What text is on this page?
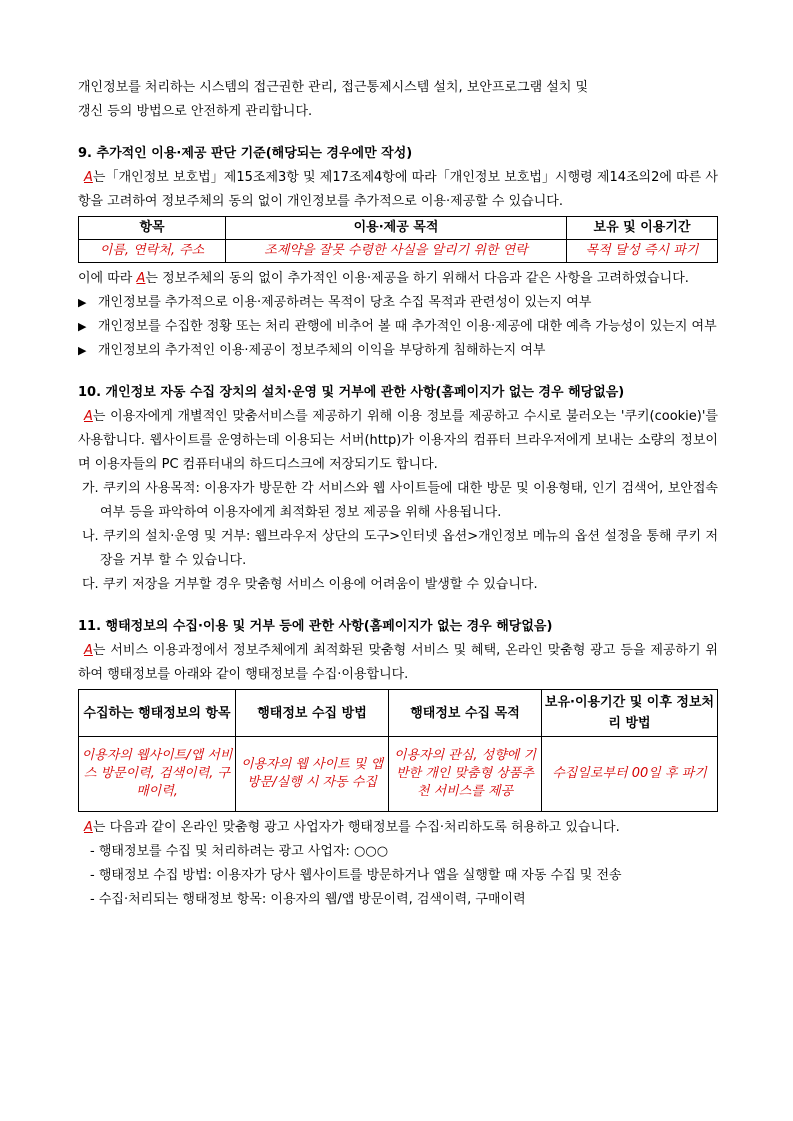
개인정보를 처리하는 시스템의 접근권한 관리, 접근통제시스템 설치, 보안프로그램 설치 및

갱신 등의 방법으로 안전하게 관리합니다.

9. 추가적인 이용·제공 판단 기준(해당되는 경우에만 작성)

A는「개인정보 보호법」제15조제3항 및 제17조제4항에 따라「개인정보 보호법」시행령 제14조의2에 따른 사항을 고려하여 정보주체의 동의 없이 개인정보를 추가적으로 이용·제공할 수 있습니다.

항목	이용·제공 목적	보유 및 이용기간
이름, 연락처, 주소	조제약을 잘못 수령한 사실을 알리기 위한 연락	목적 달성 즉시 파기

이에 따라 A는 정보주체의 동의 없이 추가적인 이용·제공을 하기 위해서 다음과 같은 사항을 고려하였습니다.

▶ 개인정보를 추가적으로 이용·제공하려는 목적이 당초 수집 목적과 관련성이 있는지 여부

▶ 개인정보를 수집한 정황 또는 처리 관행에 비추어 볼 때 추가적인 이용·제공에 대한 예측 가능성이 있는지 여부

▶ 개인정보의 추가적인 이용·제공이 정보주체의 이익을 부당하게 침해하는지 여부

10. 개인정보 자동 수집 장치의 설치·운영 및 거부에 관한 사항(홈페이지가 없는 경우 해당없음)

A는 이용자에게 개별적인 맞춤서비스를 제공하기 위해 이용 정보를 제공하고 수시로 불러오는 '쿠키(cookie)'를 사용합니다. 웹사이트를 운영하는데 이용되는 서버(http)가 이용자의 컴퓨터 브라우저에게 보내는 소량의 정보이며 이용자들의 PC 컴퓨터내의 하드디스크에 저장되기도 합니다.

가. 쿠키의 사용목적: 이용자가 방문한 각 서비스와 웹 사이트들에 대한 방문 및 이용형태, 인기 검색어, 보안접속 여부 등을 파악하여 이용자에게 최적화된 정보 제공을 위해 사용됩니다.

나. 쿠키의 설치·운영 및 거부: 웹브라우저 상단의 도구>인터넷 옵션>개인정보 메뉴의 옵션 설정을 통해 쿠키 저장을 거부 할 수 있습니다.

다. 쿠키 저장을 거부할 경우 맞춤형 서비스 이용에 어려움이 발생할 수 있습니다.

11. 행태정보의 수집·이용 및 거부 등에 관한 사항(홈페이지가 없는 경우 해당없음)

A는 서비스 이용과정에서 정보주체에게 최적화된 맞춤형 서비스 및 혜택, 온라인 맞춤형 광고 등을 제공하기 위하여 행태정보를 아래와 같이 행태정보를 수집·이용합니다.

수집하는 행태정보의 항목	행태정보 수집 방법	행태정보 수집 목적	보유·이용기간 및 이후 정보처리 방법
이용자의 웹사이트/앱 서비스 방문이력, 검색이력, 구매이력,	이용자의 웹 사이트 및 앱 방문/실행 시 자동 수집	이용자의 관심, 성향에 기반한 개인 맞춤형 상품추천 서비스를 제공	수집일로부터 00일 후 파기

A는 다음과 같이 온라인 맞춤형 광고 사업자가 행태정보를 수집·처리하도록 허용하고 있습니다.

- 행태정보를 수집 및 처리하려는 광고 사업자: ○○○

- 행태정보 수집 방법: 이용자가 당사 웹사이트를 방문하거나 앱을 실행할 때 자동 수집 및 전송

- 수집·처리되는 행태정보 항목: 이용자의 웹/앱 방문이력, 검색이력, 구매이력
